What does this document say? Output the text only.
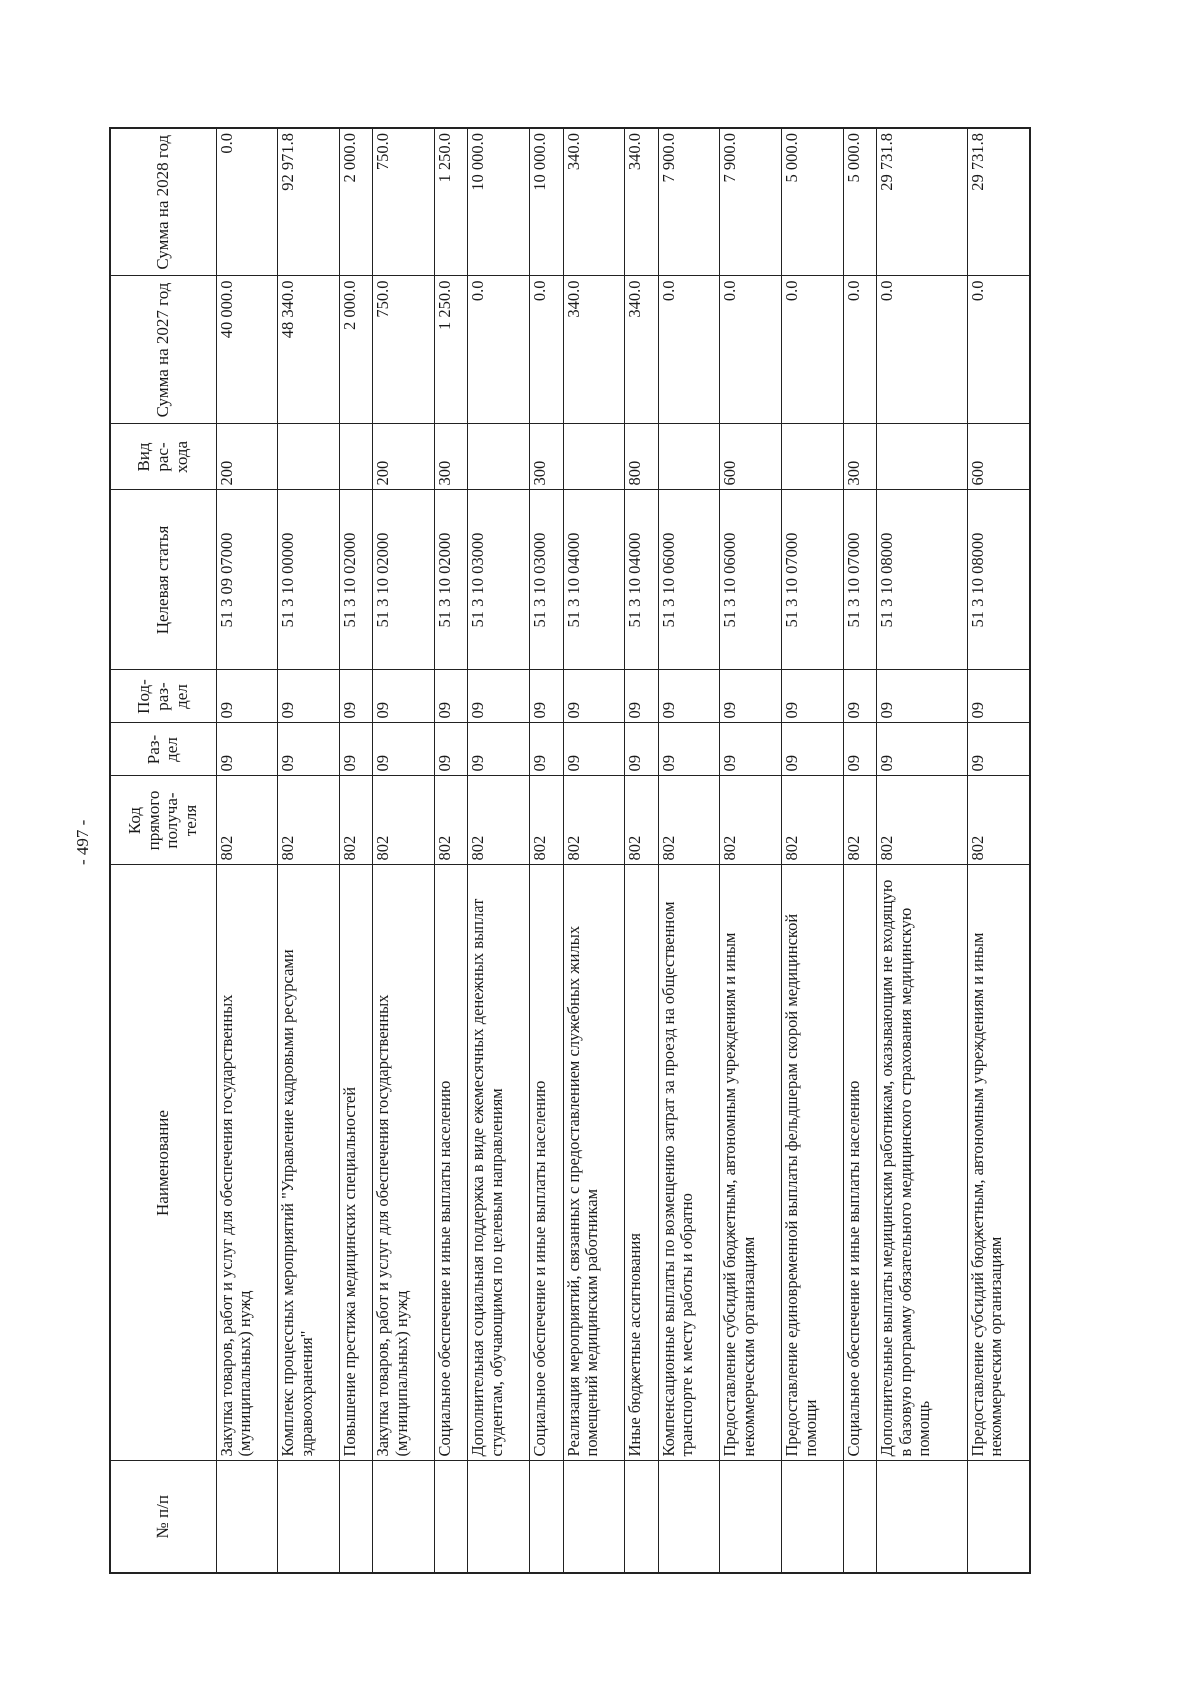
- 497 -
№ п/п	Наименование	Код прямого получа-теля	Раз-дел	Под-раз-дел	Целевая статья	Вид рас-хода	Сумма на 2027 год	Сумма на 2028 год
	Закупка товаров, работ и услуг для обеспечения государственных (муниципальных) нужд	802	09	09	51 3 09 07000	200	40 000.0	0.0
	Комплекс процессных мероприятий "Управление кадровыми ресурсами здравоохранения"	802	09	09	51 3 10 00000		48 340.0	92 971.8
	Повышение престижа медицинских специальностей	802	09	09	51 3 10 02000		2 000.0	2 000.0
	Закупка товаров, работ и услуг для обеспечения государственных (муниципальных) нужд	802	09	09	51 3 10 02000	200	750.0	750.0
	Социальное обеспечение и иные выплаты населению	802	09	09	51 3 10 02000	300	1 250.0	1 250.0
	Дополнительная социальная поддержка в виде ежемесячных денежных выплат студентам, обучающимся по целевым направлениям	802	09	09	51 3 10 03000		0.0	10 000.0
	Социальное обеспечение и иные выплаты населению	802	09	09	51 3 10 03000	300	0.0	10 000.0
	Реализация мероприятий, связанных с предоставлением служебных жилых помещений медицинским работникам	802	09	09	51 3 10 04000		340.0	340.0
	Иные бюджетные ассигнования	802	09	09	51 3 10 04000	800	340.0	340.0
	Компенсационные выплаты по возмещению затрат за проезд на общественном транспорте к месту работы и обратно	802	09	09	51 3 10 06000		0.0	7 900.0
	Предоставление субсидий бюджетным, автономным учреждениям и иным некоммерческим организациям	802	09	09	51 3 10 06000	600	0.0	7 900.0
	Предоставление единовременной выплаты фельдшерам скорой медицинской помощи	802	09	09	51 3 10 07000		0.0	5 000.0
	Социальное обеспечение и иные выплаты населению	802	09	09	51 3 10 07000	300	0.0	5 000.0
	Дополнительные выплаты медицинским работникам, оказывающим не входящую в базовую программу обязательного медицинского страхования медицинскую помощь	802	09	09	51 3 10 08000		0.0	29 731.8
	Предоставление субсидий бюджетным, автономным учреждениям и иным некоммерческим организациям	802	09	09	51 3 10 08000	600	0.0	29 731.8
